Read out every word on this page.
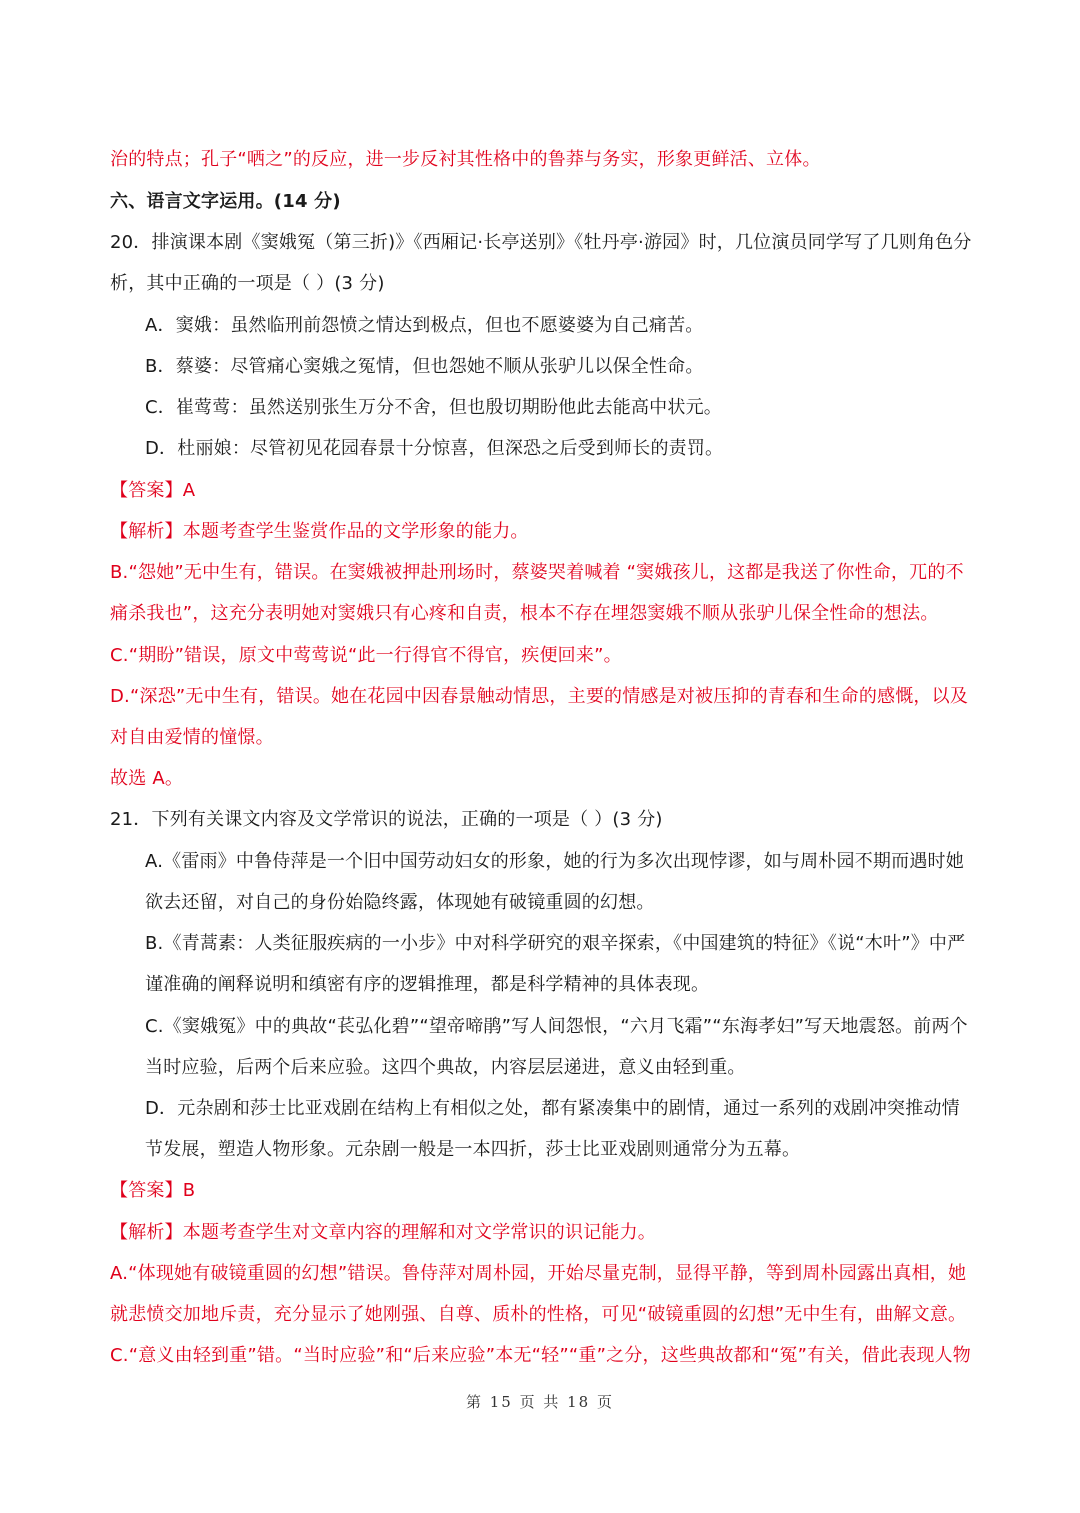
治的特点；孔子“哂之”的反应，进一步反衬其性格中的鲁莽与务实，形象更鲜活、立体。
六、语言文字运用。(14 分)
20．排演课本剧《窦娥冤（第三折)》《西厢记·长亭送别》《牡丹亭·游园》时，几位演员同学写了几则角色分
析，其中正确的一项是（ ）(3 分)
A．窦娥：虽然临刑前怨愤之情达到极点，但也不愿婆婆为自己痛苦。
B．蔡婆：尽管痛心窦娥之冤情，但也怨她不顺从张驴儿以保全性命。
C．崔莺莺：虽然送别张生万分不舍，但也殷切期盼他此去能高中状元。
D．杜丽娘：尽管初见花园春景十分惊喜，但深恐之后受到师长的责罚。
【答案】A
【解析】本题考查学生鉴赏作品的文学形象的能力。
B.“怨她”无中生有，错误。在窦娥被押赴刑场时，蔡婆哭着喊着 “窦娥孩儿，这都是我送了你性命，兀的不
痛杀我也”，这充分表明她对窦娥只有心疼和自责，根本不存在埋怨窦娥不顺从张驴儿保全性命的想法。
C.“期盼”错误，原文中莺莺说“此一行得官不得官，疾便回来”。
D.“深恐”无中生有，错误。她在花园中因春景触动情思，主要的情感是对被压抑的青春和生命的感慨，以及
对自由爱情的憧憬。
故选 A。
21．下列有关课文内容及文学常识的说法，正确的一项是（ ）(3 分)
A.《雷雨》中鲁侍萍是一个旧中国劳动妇女的形象，她的行为多次出现悖谬，如与周朴园不期而遇时她
欲去还留，对自己的身份始隐终露，体现她有破镜重圆的幻想。
B.《青蒿素：人类征服疾病的一小步》中对科学研究的艰辛探索，《中国建筑的特征》《说“木叶”》中严
谨准确的阐释说明和缜密有序的逻辑推理，都是科学精神的具体表现。
C.《窦娥冤》中的典故“苌弘化碧”“望帝啼鹃”写人间怨恨，“六月飞霜”“东海孝妇”写天地震怒。前两个
当时应验，后两个后来应验。这四个典故，内容层层递进，意义由轻到重。
D．元杂剧和莎士比亚戏剧在结构上有相似之处，都有紧凑集中的剧情，通过一系列的戏剧冲突推动情
节发展，塑造人物形象。元杂剧一般是一本四折，莎士比亚戏剧则通常分为五幕。
【答案】B
【解析】本题考查学生对文章内容的理解和对文学常识的识记能力。
A.“体现她有破镜重圆的幻想”错误。鲁侍萍对周朴园，开始尽量克制，显得平静，等到周朴园露出真相，她
就悲愤交加地斥责，充分显示了她刚强、自尊、质朴的性格，可见“破镜重圆的幻想”无中生有，曲解文意。
C.“意义由轻到重”错。“当时应验”和“后来应验”本无“轻”“重”之分，这些典故都和“冤”有关，借此表现人物
第 15 页 共 18 页
